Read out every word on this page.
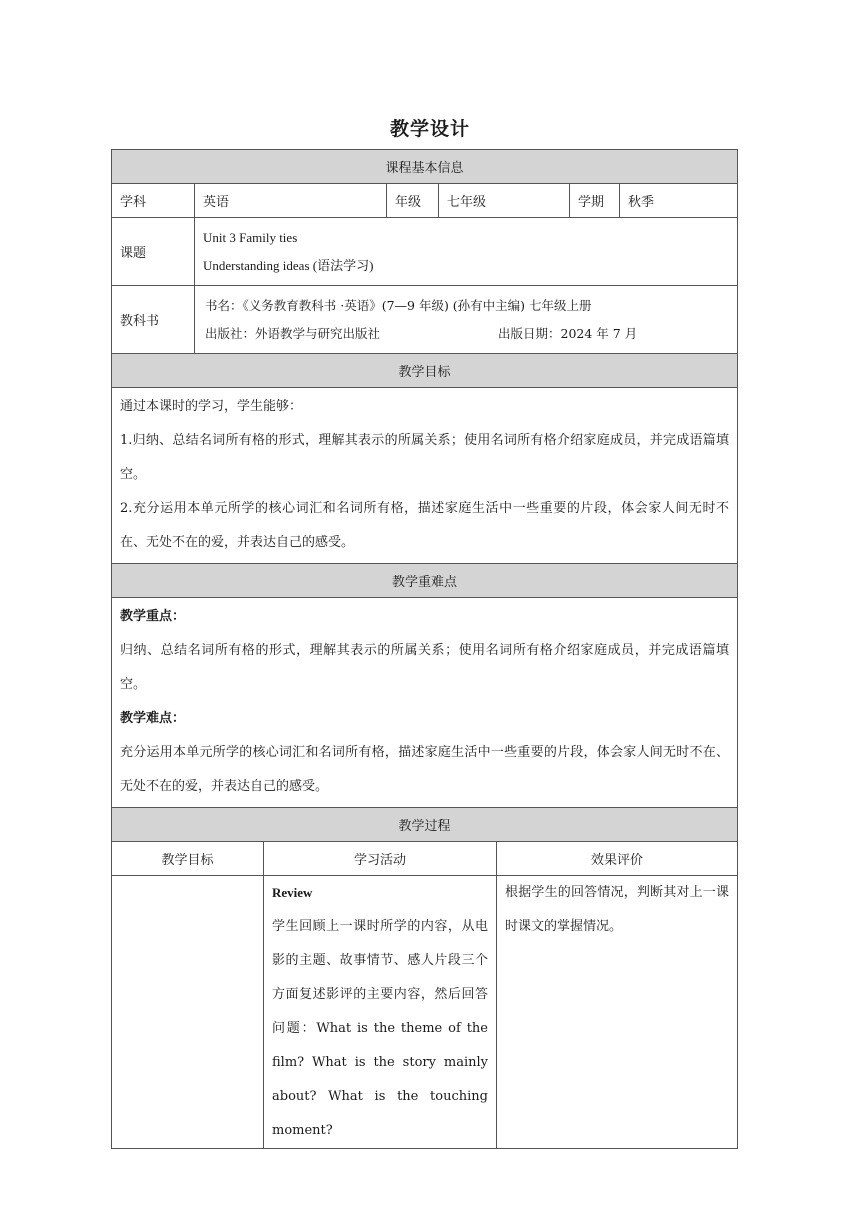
教学设计
课程基本信息							
学科	英语		年级	七年级		学期	秋季
课题	Unit 3 Family ties
Understanding ideas (语法学习)						

教科书	书名：《义务教育教科书 ·英语》(7—9 年级) (孙有中主编) 七年级上册
出版社：外语教学与研究出版社 出版日期：2024 年 7 月						

教学目标							

通过本课时的学习，学生能够：
1.归纳、总结名词所有格的形式，理解其表示的所属关系；使用名词所有格介绍家庭成员，并完成语篇填空。
2.充分运用本单元所学的核心词汇和名词所有格，描述家庭生活中一些重要的片段，体会家人间无时不在、无处不在的爱，并表达自己的感受。							

教学重难点							

教学重点：
归纳、总结名词所有格的形式，理解其表示的所属关系；使用名词所有格介绍家庭成员，并完成语篇填空。
教学难点：
充分运用本单元所学的核心词汇和名词所有格，描述家庭生活中一些重要的片段，体会家人间无时不在、无处不在的爱，并表达自己的感受。							

教学过程							
教学目标		学习活动			效果评价		

		Review
学生回顾上一课时所学的内容，从电影的主题、故事情节、感人片段三个方面复述影评的主要内容，然后回答问题：What is the theme of the film? What is the story mainly about? What is the touching moment?			根据学生的回答情况，判断其对上一课时课文的掌握情况。		
